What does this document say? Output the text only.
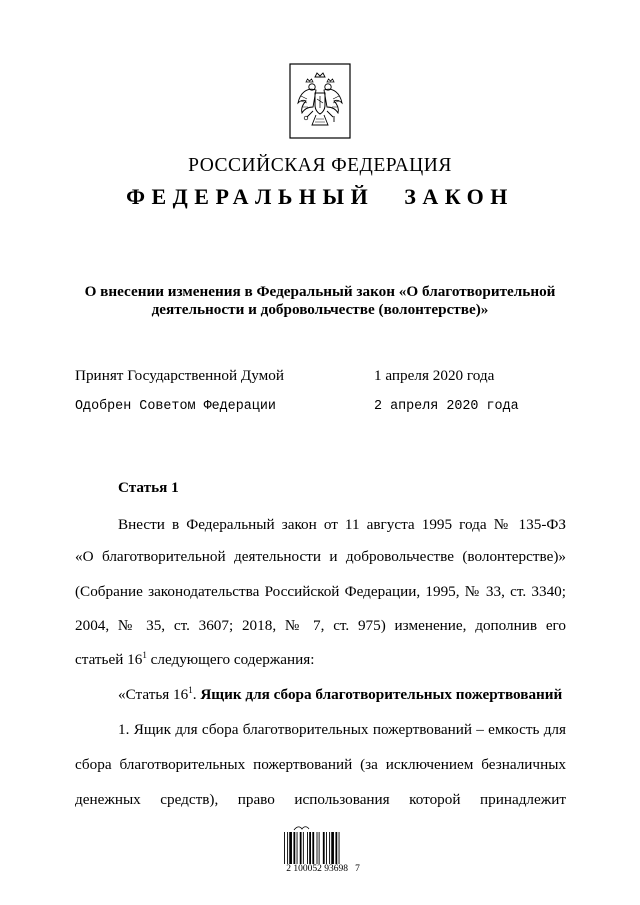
РОССИЙСКАЯ ФЕДЕРАЦИЯ
ФЕДЕРАЛЬНЫЙ ЗАКОН
О внесении изменения в Федеральный закон «О благотворительной
деятельности и добровольчестве (волонтерстве)»
Принят Государственной Думой	1 апреля 2020 года
Одобрен Советом Федерации	2 апреля 2020 года
Статья 1
Внести в Федеральный закон от 11 августа 1995 года № 135-ФЗ
«О благотворительной деятельности и добровольчестве (волонтерстве)»
(Собрание законодательства Российской Федерации, 1995, № 33, ст. 3340;
2004, № 35, ст. 3607; 2018, № 7, ст. 975) изменение, дополнив его
статьей $16^1$ следующего содержания:
«Статья $16^1$. Ящик для сбора благотворительных пожертвований
1. Ящик для сбора благотворительных пожертвований – емкость для
сбора благотворительных пожертвований (за исключением безналичных
денежных средств), право использования которой принадлежит
2 100052 93698   7
